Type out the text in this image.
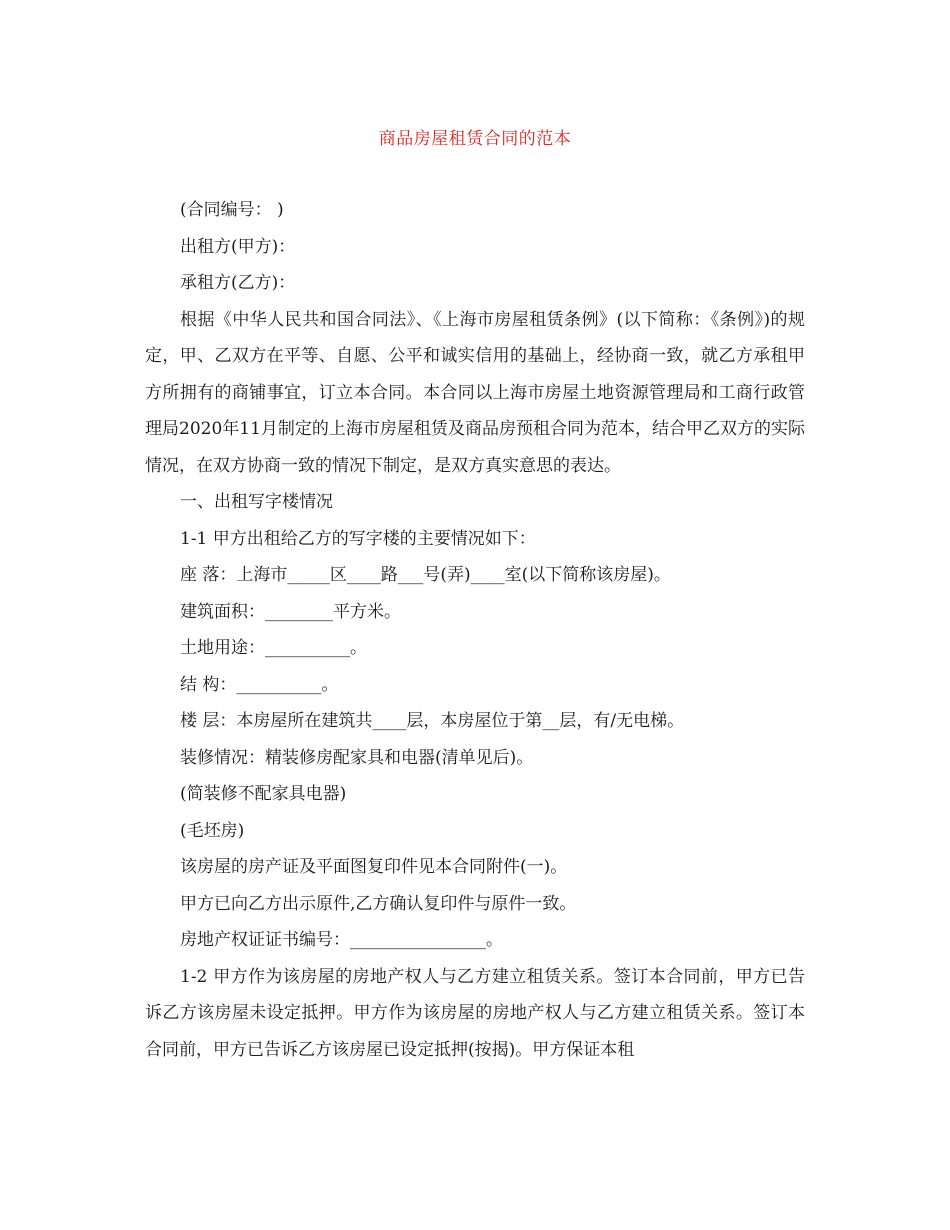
商品房屋租赁合同的范本
(合同编号： )
出租方(甲方)：
承租方(乙方)：

根据《中华人民共和国合同法》、《上海市房屋租赁条例》(以下简称：《条例》)的规定，甲、乙双方在平等、自愿、公平和诚实信用的基础上，经协商一致，就乙方承租甲方所拥有的商铺事宜，订立本合同。本合同以上海市房屋土地资源管理局和工商行政管理局2020年11月制定的上海市房屋租赁及商品房预租合同为范本，结合甲乙双方的实际情况，在双方协商一致的情况下制定，是双方真实意思的表达。

一、出租写字楼情况
1-1 甲方出租给乙方的写字楼的主要情况如下：
座 落：上海市_____区____路___号(弄)____室(以下简称该房屋)。
建筑面积：________平方米。
土地用途：__________。
结 构：__________。
楼 层：本房屋所在建筑共____层，本房屋位于第__层，有/无电梯。
装修情况：精装修房配家具和电器(清单见后)。
(简装修不配家具电器)
(毛坯房)
该房屋的房产证及平面图复印件见本合同附件(一)。
甲方已向乙方出示原件,乙方确认复印件与原件一致。
房地产权证证书编号：________________。

1-2 甲方作为该房屋的房地产权人与乙方建立租赁关系。签订本合同前，甲方已告诉乙方该房屋未设定抵押。甲方作为该房屋的房地产权人与乙方建立租赁关系。签订本合同前，甲方已告诉乙方该房屋已设定抵押(按揭)。甲方保证本租
